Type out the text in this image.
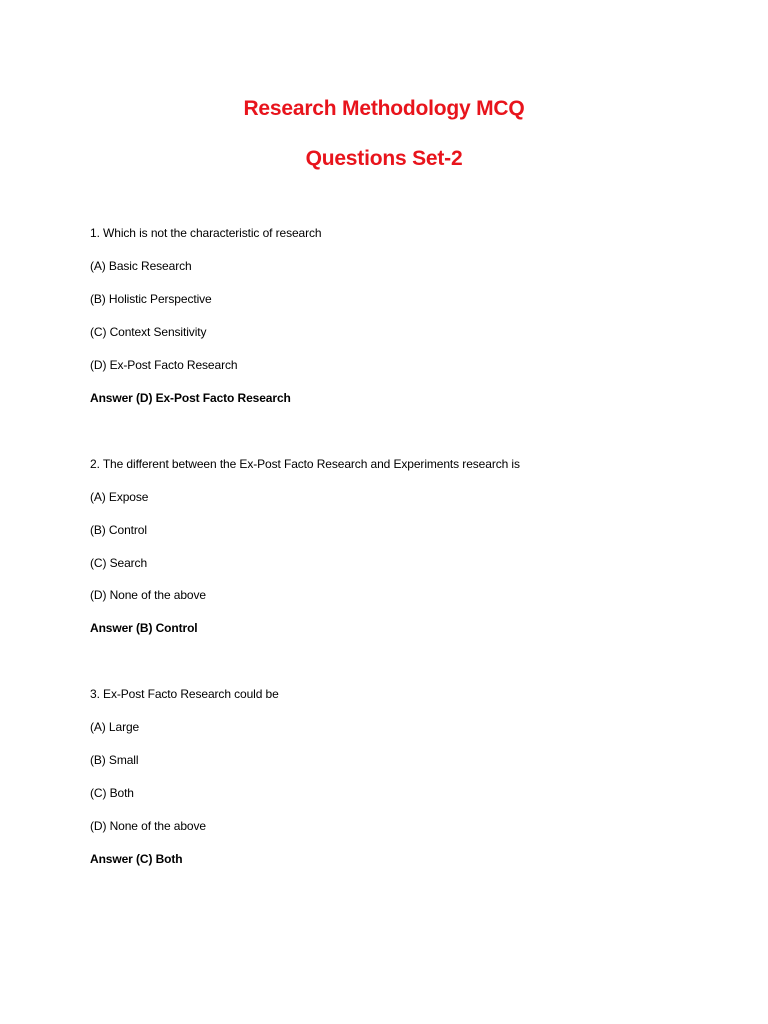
Research Methodology MCQ
Questions Set-2
1. Which is not the characteristic of research
(A) Basic Research
(B) Holistic Perspective
(C) Context Sensitivity
(D) Ex-Post Facto Research
Answer (D) Ex-Post Facto Research
2. The different between the Ex-Post Facto Research and Experiments research is
(A) Expose
(B) Control
(C) Search
(D) None of the above
Answer (B) Control
3. Ex-Post Facto Research could be
(A) Large
(B) Small
(C) Both
(D) None of the above
Answer (C) Both
